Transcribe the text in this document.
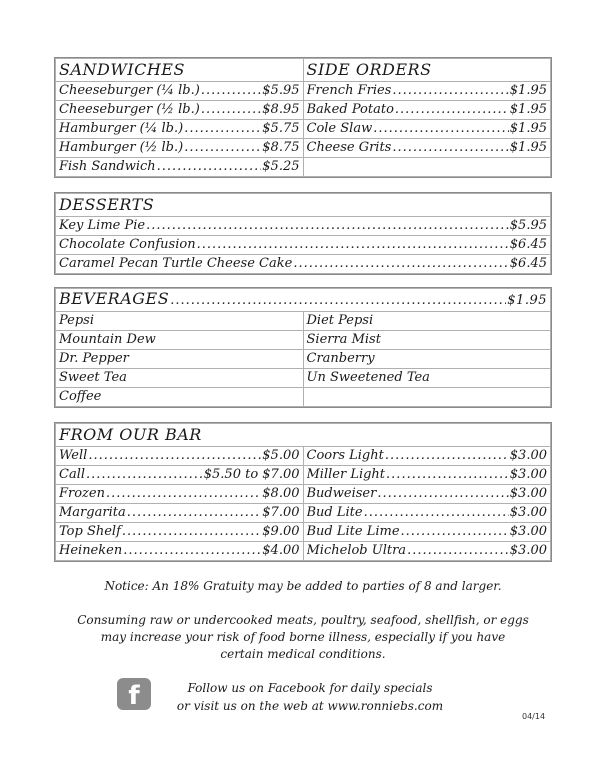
SANDWICHES	SIDE ORDERS

Cheeseburger (¼ lb.) ..... $5.95	French Fries ..... $1.95

Cheeseburger (½ lb.) ..... $8.95	Baked Potato ..... $1.95

Hamburger (¼ lb.) ..... $5.75	Cole Slaw ..... $1.95

Hamburger (½ lb.) ..... $8.75	Cheese Grits ..... $1.95

Fish Sandwich ..... $5.25

DESSERTS

Key Lime Pie .....	$5.95

Chocolate Confusion .....	$6.45

Caramel Pecan Turtle Cheese Cake .....	$6.45
BEVERAGES ..... $1.95

Pepsi	Diet Pepsi
Mountain Dew	Sierra Mist
Dr. Pepper	Cranberry
Sweet Tea	Un Sweetened Tea
Coffee	
FROM OUR BAR	

Well ..... $5.00	Coors Light ..... $3.00

Call ..... $5.50 to $7.00	Miller Light ..... $3.00

Frozen ..... $8.00	Budweiser ..... $3.00

Margarita ..... $7.00	Bud Lite ..... $3.00

Top Shelf ..... $9.00	Bud Lite Lime ..... $3.00

Heineken ..... $4.00	Michelob Ultra ..... $3.00
Notice: An 18% Gratuity may be added to parties of 8 and larger.
Consuming raw or undercooked meats, poultry, seafood, shellfish, or eggs
may increase your risk of food borne illness, especially if you have
certain medical conditions.
f	Follow us on Facebook for daily specials
or visit us on the web at www.ronniebs.com
04/14
